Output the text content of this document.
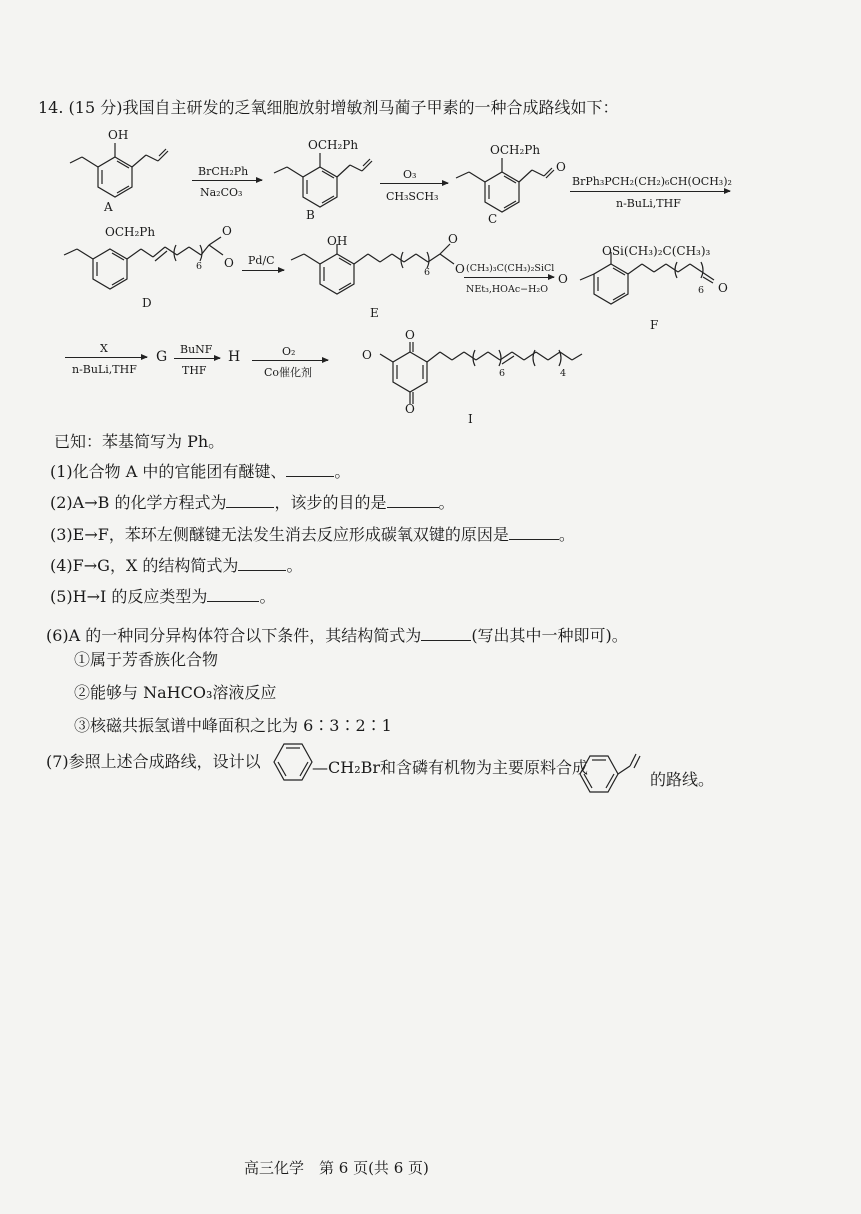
14. (15 分)我国自主研发的乏氧细胞放射增敏剂马蔺子甲素的一种合成路线如下：
OH
A
BrCH₂Ph
Na₂CO₃
OCH₂Ph
B
O₃
CH₃SCH₃
OCH₂Ph
O
C
BrPh₃PCH₂(CH₂)₆CH(OCH₃)₂
n-BuLi,THF
OCH₂Ph
6
O
O
D
Pd/C
OH
6
O
O
E
(CH₃)₃C(CH₃)₂SiCl
NEt₃,HOAc−H₂O
O
OSi(CH₃)₂C(CH₃)₃
6 O
F
X
n-BuLi,THF
G BuNF
THF
H	O₂
Co催化剂
O
O
O
6	4
I
已知：苯基简写为 Ph。
(1)化合物 A 中的官能团有醚键、	。
(2)A→B 的化学方程式为	，该步的目的是	。
(3)E→F，苯环左侧醚键无法发生消去反应形成碳氧双键的原因是	。
(4)F→G，X 的结构简式为	。
(5)H→I 的反应类型为	。
(6)A 的一种同分异构体符合以下条件，其结构简式为	(写出其中一种即可)。
①属于芳香族化合物
②能够与 NaHCO₃溶液反应
③核磁共振氢谱中峰面积之比为 6∶3∶2∶1
(7)参照上述合成路线，设计以	—CH₂Br和含磷有机物为主要原料合成
的路线。
高三化学　第 6 页(共 6 页)
